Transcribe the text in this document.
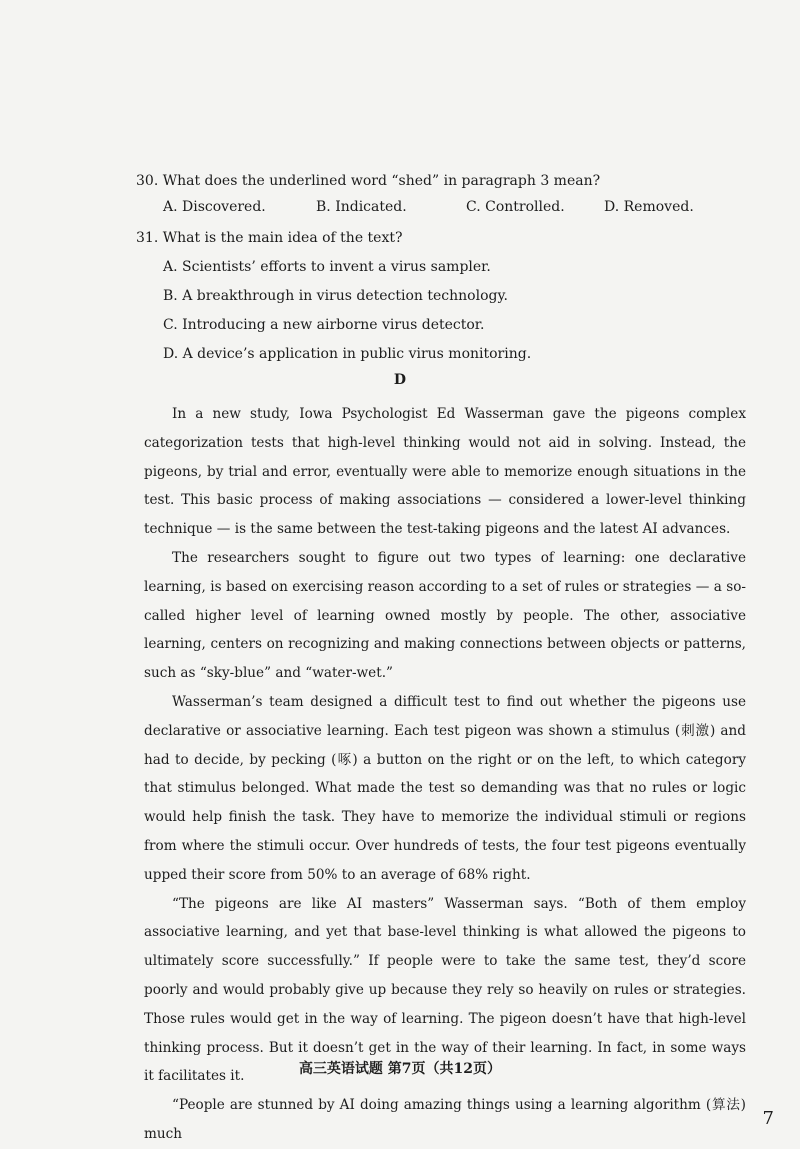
30. What does the underlined word “shed” in paragraph 3 mean?
A. Discovered.	B. Indicated.	C. Controlled.	D. Removed.
31. What is the main idea of the text?
A. Scientists’ efforts to invent a virus sampler.
B. A breakthrough in virus detection technology.
C. Introducing a new airborne virus detector.
D. A device’s application in public virus monitoring.
D

In a new study, Iowa Psychologist Ed Wasserman gave the pigeons complex categorization tests that high-level thinking would not aid in solving. Instead, the pigeons, by trial and error, eventually were able to memorize enough situations in the test. This basic process of making associations — considered a lower-level thinking technique — is the same between the test-taking pigeons and the latest AI advances.

The researchers sought to figure out two types of learning: one declarative learning, is based on exercising reason according to a set of rules or strategies — a so-called higher level of learning owned mostly by people. The other, associative learning, centers on recognizing and making connections between objects or patterns, such as “sky-blue” and “water-wet.”

Wasserman’s team designed a difficult test to find out whether the pigeons use declarative or associative learning. Each test pigeon was shown a stimulus (刺激) and had to decide, by pecking (啄) a button on the right or on the left, to which category that stimulus belonged. What made the test so demanding was that no rules or logic would help finish the task. They have to memorize the individual stimuli or regions from where the stimuli occur. Over hundreds of tests, the four test pigeons eventually upped their score from 50% to an average of 68% right.

“The pigeons are like AI masters” Wasserman says. “Both of them employ associative learning, and yet that base-level thinking is what allowed the pigeons to ultimately score successfully.” If people were to take the same test, they’d score poorly and would probably give up because they rely so heavily on rules or strategies. Those rules would get in the way of learning. The pigeon doesn’t have that high-level thinking process. But it doesn’t get in the way of their learning. In fact, in some ways it facilitates it.

“People are stunned by AI doing amazing things using a learning algorithm (算法) much

高三英语试题 第7页（共12页）
7
